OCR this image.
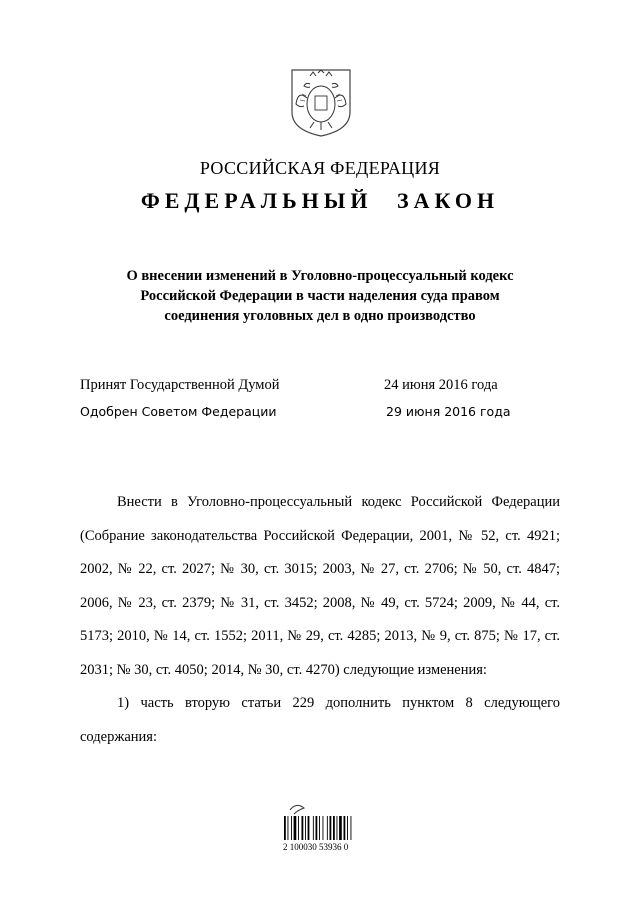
РОССИЙСКАЯ ФЕДЕРАЦИЯ
ФЕДЕРАЛЬНЫЙ ЗАКОН
О внесении изменений в Уголовно-процессуальный кодекс
Российской Федерации в части наделения суда правом
соединения уголовных дел в одно производство
Принят Государственной Думой	24 июня 2016 года
Одобрен Советом Федерации	29 июня 2016 года

Внести в Уголовно-процессуальный кодекс Российской Федерации (Собрание законодательства Российской Федерации, 2001, № 52, ст. 4921; 2002, № 22, ст. 2027; № 30, ст. 3015; 2003, № 27, ст. 2706; № 50, ст. 4847; 2006, № 23, ст. 2379; № 31, ст. 3452; 2008, № 49, ст. 5724; 2009, № 44, ст. 5173; 2010, № 14, ст. 1552; 2011, № 29, ст. 4285; 2013, № 9, ст. 875; № 17, ст. 2031; № 30, ст. 4050; 2014, № 30, ст. 4270) следующие изменения:

1) часть вторую статьи 229 дополнить пунктом 8 следующего содержания:

2 100030 53936 0
